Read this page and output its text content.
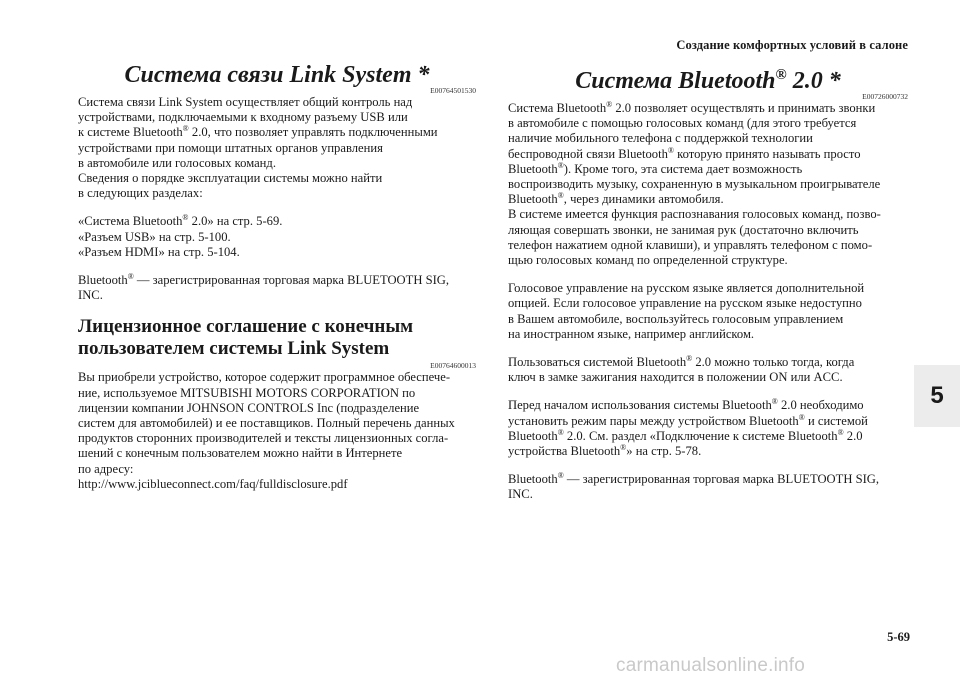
Создание комфортных условий в салоне
Система связи Link System *
E00764501530
Система связи Link System осуществляет общий контроль над
устройствами, подключаемыми к входному разъему USB или
к системе Bluetooth® 2.0, что позволяет управлять подключенными
устройствами при помощи штатных органов управления
в автомобиле или голосовых команд.
Сведения о порядке эксплуатации системы можно найти
в следующих разделах:
«Система Bluetooth® 2.0» на стр. 5-69.
«Разъем USB» на стр. 5-100.
«Разъем HDMI» на стр. 5-104.
Bluetooth® — зарегистрированная торговая марка BLUETOOTH SIG,
INC.
Лицензионное соглашение с конечным
пользователем системы Link System
E00764600013
Вы приобрели устройство, которое содержит программное обеспече-
ние, используемое MITSUBISHI MOTORS CORPORATION по
лицензии компании JOHNSON CONTROLS Inc (подразделение
систем для автомобилей) и ее поставщиков. Полный перечень данных
продуктов сторонних производителей и тексты лицензионных согла-
шений с конечным пользователем можно найти в Интернете
по адресу:
http://www.jciblueconnect.com/faq/fulldisclosure.pdf
Система Bluetooth® 2.0 *
E00726000732
Система Bluetooth® 2.0 позволяет осуществлять и принимать звонки
в автомобиле с помощью голосовых команд (для этого требуется
наличие мобильного телефона с поддержкой технологии
беспроводной связи Bluetooth® которую принято называть просто
Bluetooth®). Кроме того, эта система дает возможность
воспроизводить музыку, сохраненную в музыкальном проигрывателе
Bluetooth®, через динамики автомобиля.
В системе имеется функция распознавания голосовых команд, позво-
ляющая совершать звонки, не занимая рук (достаточно включить
телефон нажатием одной клавиши), и управлять телефоном с помо-
щью голосовых команд по определенной структуре.
Голосовое управление на русском языке является дополнительной
опцией. Если голосовое управление на русском языке недоступно
в Вашем автомобиле, воспользуйтесь голосовым управлением
на иностранном языке, например английском.
Пользоваться системой Bluetooth® 2.0 можно только тогда, когда
ключ в замке зажигания находится в положении ON или ACC.
Перед началом использования системы Bluetooth® 2.0 необходимо
установить режим пары между устройством Bluetooth® и системой
Bluetooth® 2.0. См. раздел «Подключение к системе Bluetooth® 2.0
устройства Bluetooth®» на стр. 5-78.
Bluetooth® — зарегистрированная торговая марка BLUETOOTH SIG,
INC.
5
5-69
carmanualsonline.info
